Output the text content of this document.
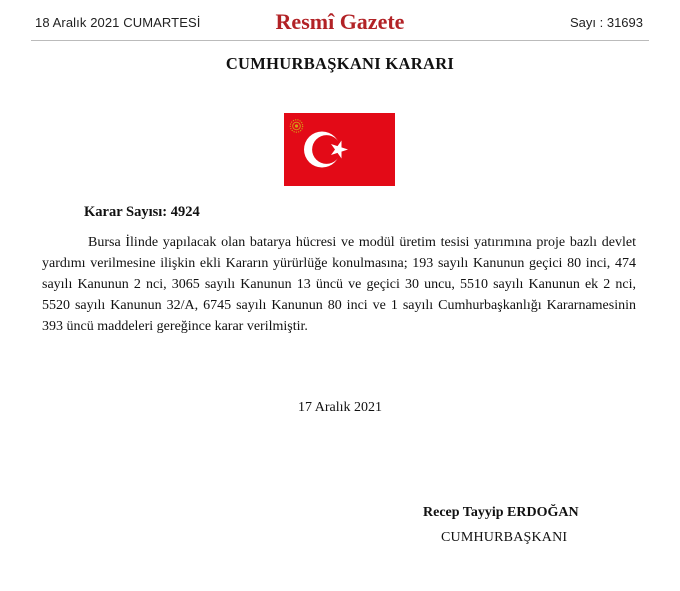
18 Aralık 2021 CUMARTESİ	Resmî Gazete	Sayı : 31693
CUMHURBAŞKANI KARARI
Karar Sayısı: 4924

Bursa İlinde yapılacak olan batarya hücresi ve modül üretim tesisi yatırımına proje bazlı devlet yardımı verilmesine ilişkin ekli Kararın yürürlüğe konulmasına; 193 sayılı Kanunun geçici 80 inci, 474 sayılı Kanunun 2 nci, 3065 sayılı Kanunun 13 üncü ve geçici 30 uncu, 5510 sayılı Kanunun ek 2 nci, 5520 sayılı Kanunun 32/A, 6745 sayılı Kanunun 80 inci ve 1 sayılı Cumhurbaşkanlığı Kararnamesinin 393 üncü maddeleri gereğince karar verilmiştir.

17 Aralık 2021
Recep Tayyip ERDOĞAN
CUMHURBAŞKANI
